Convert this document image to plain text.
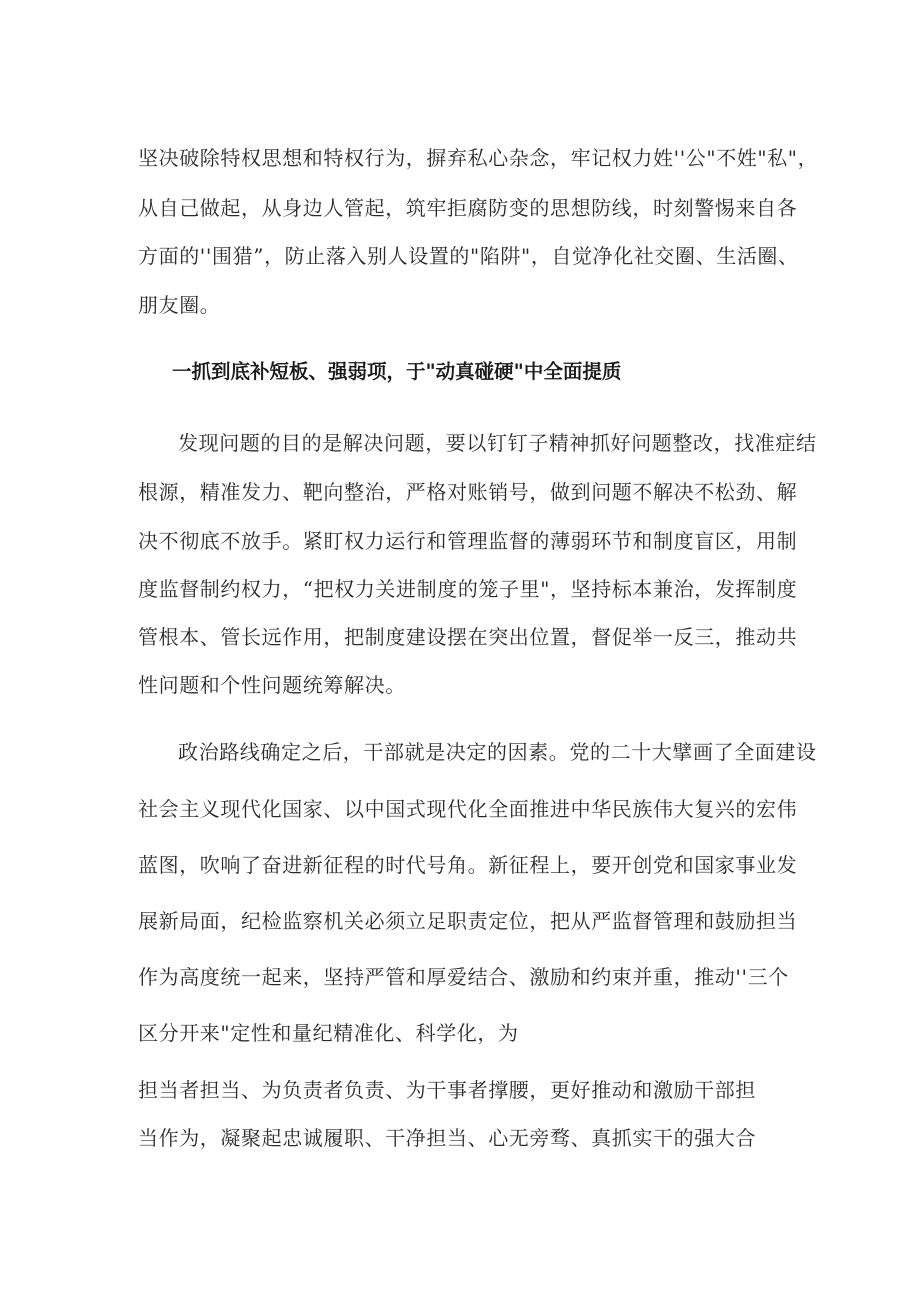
坚决破除特权思想和特权行为，摒弃私心杂念，牢记权力姓''公"不姓"私"，
从自己做起，从身边人管起，筑牢拒腐防变的思想防线，时刻警惕来自各
方面的''围猎”，防止落入别人设置的"陷阱"，自觉净化社交圈、生活圈、
朋友圈。
一抓到底补短板、强弱项，于"动真碰硬"中全面提质
发现问题的目的是解决问题，要以钉钉子精神抓好问题整改，找准症结
根源，精准发力、靶向整治，严格对账销号，做到问题不解决不松劲、解
决不彻底不放手。紧盯权力运行和管理监督的薄弱环节和制度盲区，用制
度监督制约权力，“把权力关进制度的笼子里"，坚持标本兼治，发挥制度
管根本、管长远作用，把制度建设摆在突出位置，督促举一反三，推动共
性问题和个性问题统筹解决。
政治路线确定之后，干部就是决定的因素。党的二十大擘画了全面建设
社会主义现代化国家、以中国式现代化全面推进中华民族伟大复兴的宏伟
蓝图，吹响了奋进新征程的时代号角。新征程上，要开创党和国家事业发
展新局面，纪检监察机关必须立足职责定位，把从严监督管理和鼓励担当
作为高度统一起来，坚持严管和厚爱结合、激励和约束并重，推动''三个
区分开来"定性和量纪精准化、科学化，为
担当者担当、为负责者负责、为干事者撑腰，更好推动和激励干部担
当作为，凝聚起忠诚履职、干净担当、心无旁骛、真抓实干的强大合
